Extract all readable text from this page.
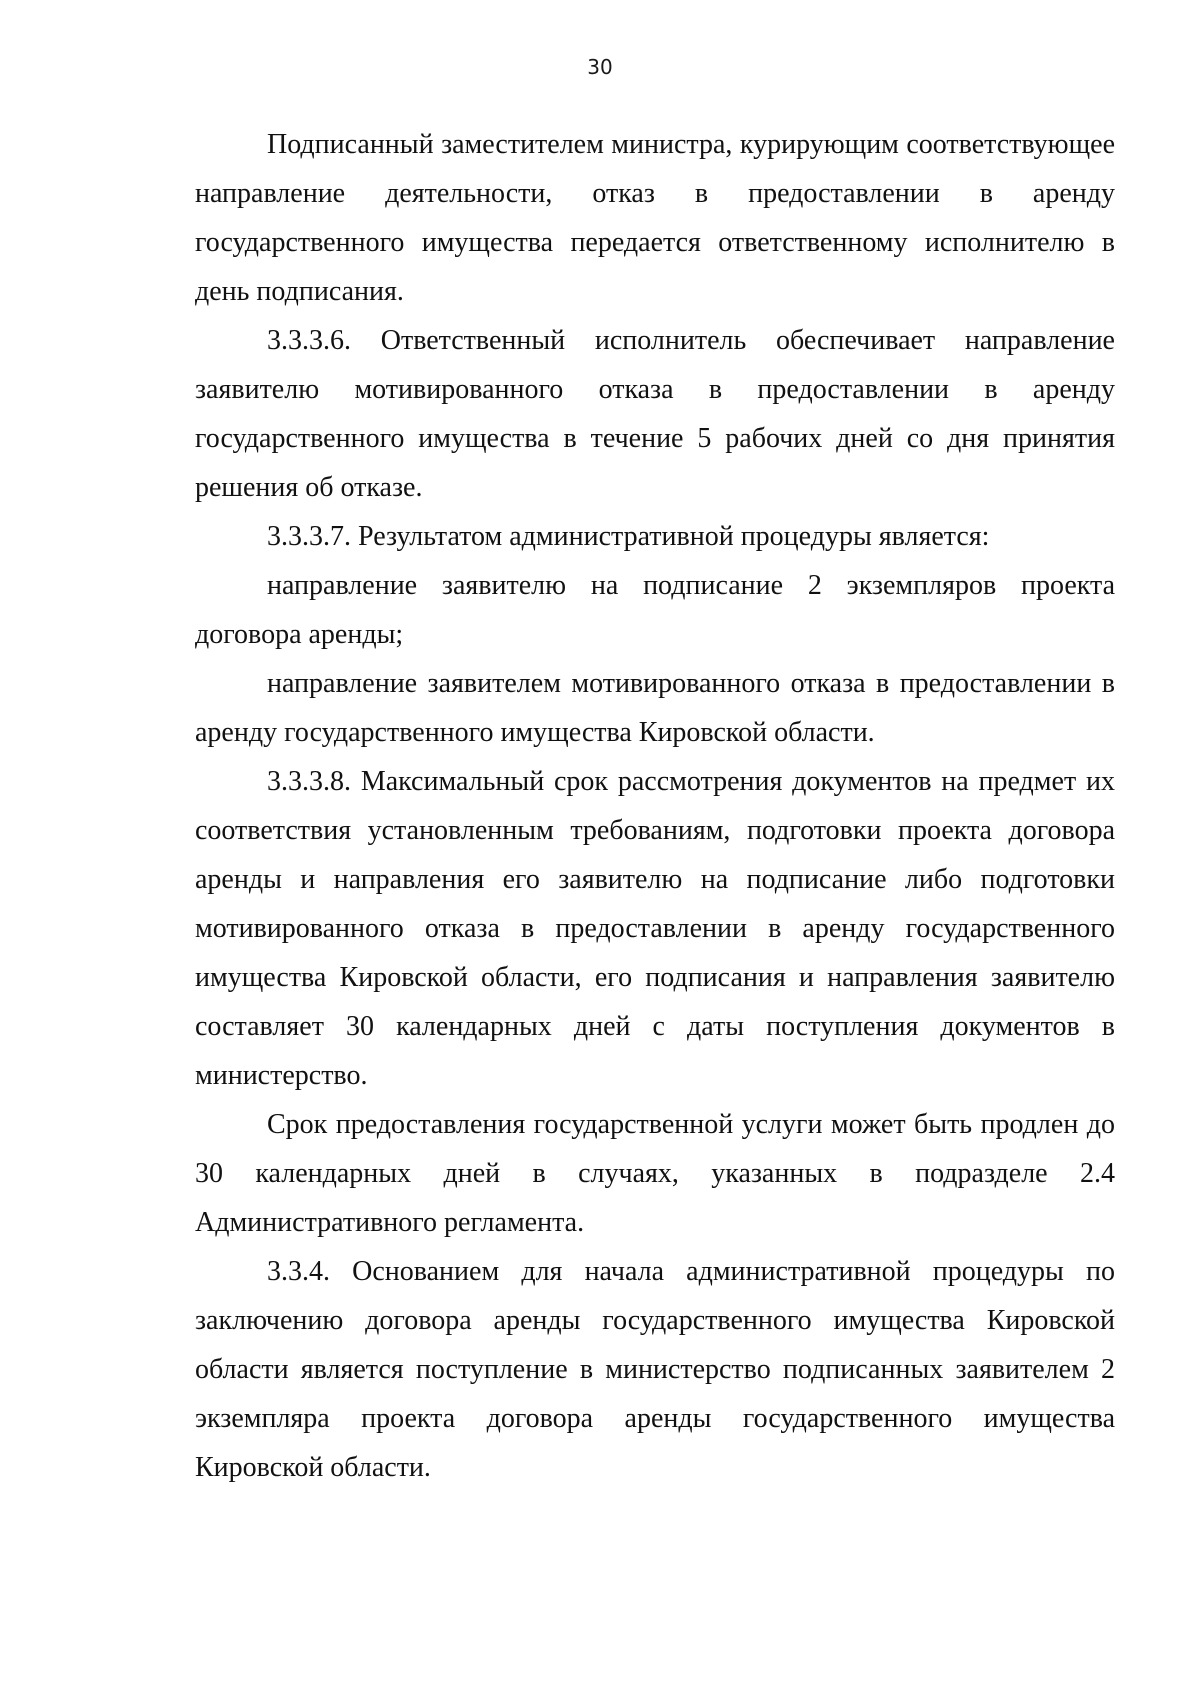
30

Подписанный заместителем министра, курирующим соответствующее направление деятельности, отказ в предоставлении в аренду государственного имущества передается ответственному исполнителю в день подписания.

3.3.3.6. Ответственный исполнитель обеспечивает направление заявителю мотивированного отказа в предоставлении в аренду государственного имущества в течение 5 рабочих дней со дня принятия решения об отказе.

3.3.3.7. Результатом административной процедуры является:

направление заявителю на подписание 2 экземпляров проекта договора аренды;

направление заявителем мотивированного отказа в предоставлении в аренду государственного имущества Кировской области.

3.3.3.8. Максимальный срок рассмотрения документов на предмет их соответствия установленным требованиям, подготовки проекта договора аренды и направления его заявителю на подписание либо подготовки мотивированного отказа в предоставлении в аренду государственного имущества Кировской области, его подписания и направления заявителю составляет 30 календарных дней с даты поступления документов в министерство.

Срок предоставления государственной услуги может быть продлен до 30 календарных дней в случаях, указанных в подразделе 2.4 Административного регламента.

3.3.4. Основанием для начала административной процедуры по заключению договора аренды государственного имущества Кировской области является поступление в министерство подписанных заявителем 2 экземпляра проекта договора аренды государственного имущества Кировской области.
